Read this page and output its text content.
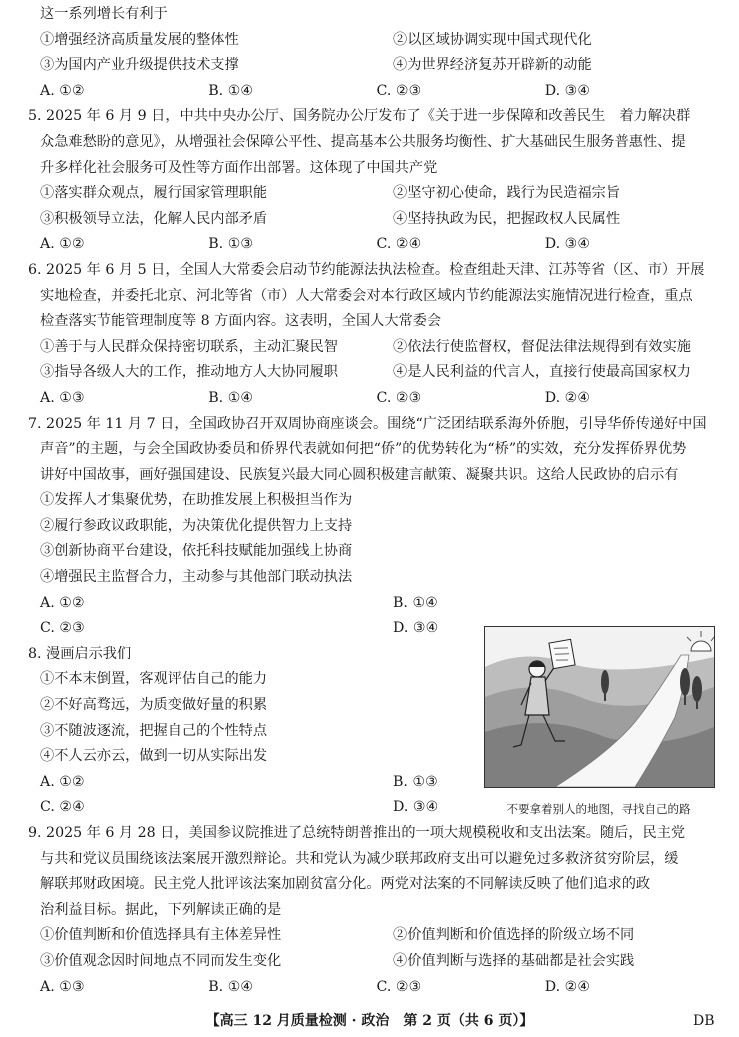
这一系列增长有利于
①增强经济高质量发展的整体性	②以区域协调实现中国式现代化
③为国内产业升级提供技术支撑	④为世界经济复苏开辟新的动能
A. ①②	B. ①④	C. ②③	D. ③④
5. 2025 年 6 月 9 日，中共中央办公厅、国务院办公厅发布了《关于进一步保障和改善民生　着力解决群
众急难愁盼的意见》，从增强社会保障公平性、提高基本公共服务均衡性、扩大基础民生服务普惠性、提
升多样化社会服务可及性等方面作出部署。这体现了中国共产党
①落实群众观点，履行国家管理职能	②坚守初心使命，践行为民造福宗旨
③积极领导立法，化解人民内部矛盾	④坚持执政为民，把握政权人民属性
A. ①②	B. ①③	C. ②④	D. ③④
6. 2025 年 6 月 5 日，全国人大常委会启动节约能源法执法检查。检查组赴天津、江苏等省（区、市）开展
实地检查，并委托北京、河北等省（市）人大常委会对本行政区域内节约能源法实施情况进行检查，重点
检查落实节能管理制度等 8 方面内容。这表明，全国人大常委会
①善于与人民群众保持密切联系，主动汇聚民智	②依法行使监督权，督促法律法规得到有效实施
③指导各级人大的工作，推动地方人大协同履职	④是人民利益的代言人，直接行使最高国家权力
A. ①③	B. ①④	C. ②③	D. ②④
7. 2025 年 11 月 7 日，全国政协召开双周协商座谈会。围绕“广泛团结联系海外侨胞，引导华侨传递好中国
声音”的主题，与会全国政协委员和侨界代表就如何把“侨”的优势转化为“桥”的实效，充分发挥侨界优势
讲好中国故事，画好强国建设、民族复兴最大同心圆积极建言献策、凝聚共识。这给人民政协的启示有
①发挥人才集聚优势，在助推发展上积极担当作为
②履行参政议政职能，为决策优化提供智力上支持
③创新协商平台建设，依托科技赋能加强线上协商
④增强民主监督合力，主动参与其他部门联动执法
A. ①②	B. ①④
C. ②③	D. ③④
8. 漫画启示我们
①不本末倒置，客观评估自己的能力
②不好高骛远，为质变做好量的积累
③不随波逐流，把握自己的个性特点
④不人云亦云，做到一切从实际出发
A. ①②	B. ①③
C. ②④	D. ③④
9. 2025 年 6 月 28 日，美国参议院推进了总统特朗普推出的一项大规模税收和支出法案。随后，民主党
与共和党议员围绕该法案展开激烈辩论。共和党认为减少联邦政府支出可以避免过多救济贫穷阶层，缓
解联邦财政困境。民主党人批评该法案加剧贫富分化。两党对法案的不同解读反映了他们追求的政
治利益目标。据此，下列解读正确的是
①价值判断和价值选择具有主体差异性	②价值判断和价值选择的阶级立场不同
③价值观念因时间地点不同而发生变化	④价值判断与选择的基础都是社会实践
A. ①③	B. ①④	C. ②③	D. ②④
不要拿着别人的地图，寻找自己的路
【高三 12 月质量检测 · 政治　第 2 页（共 6 页）】	DB
